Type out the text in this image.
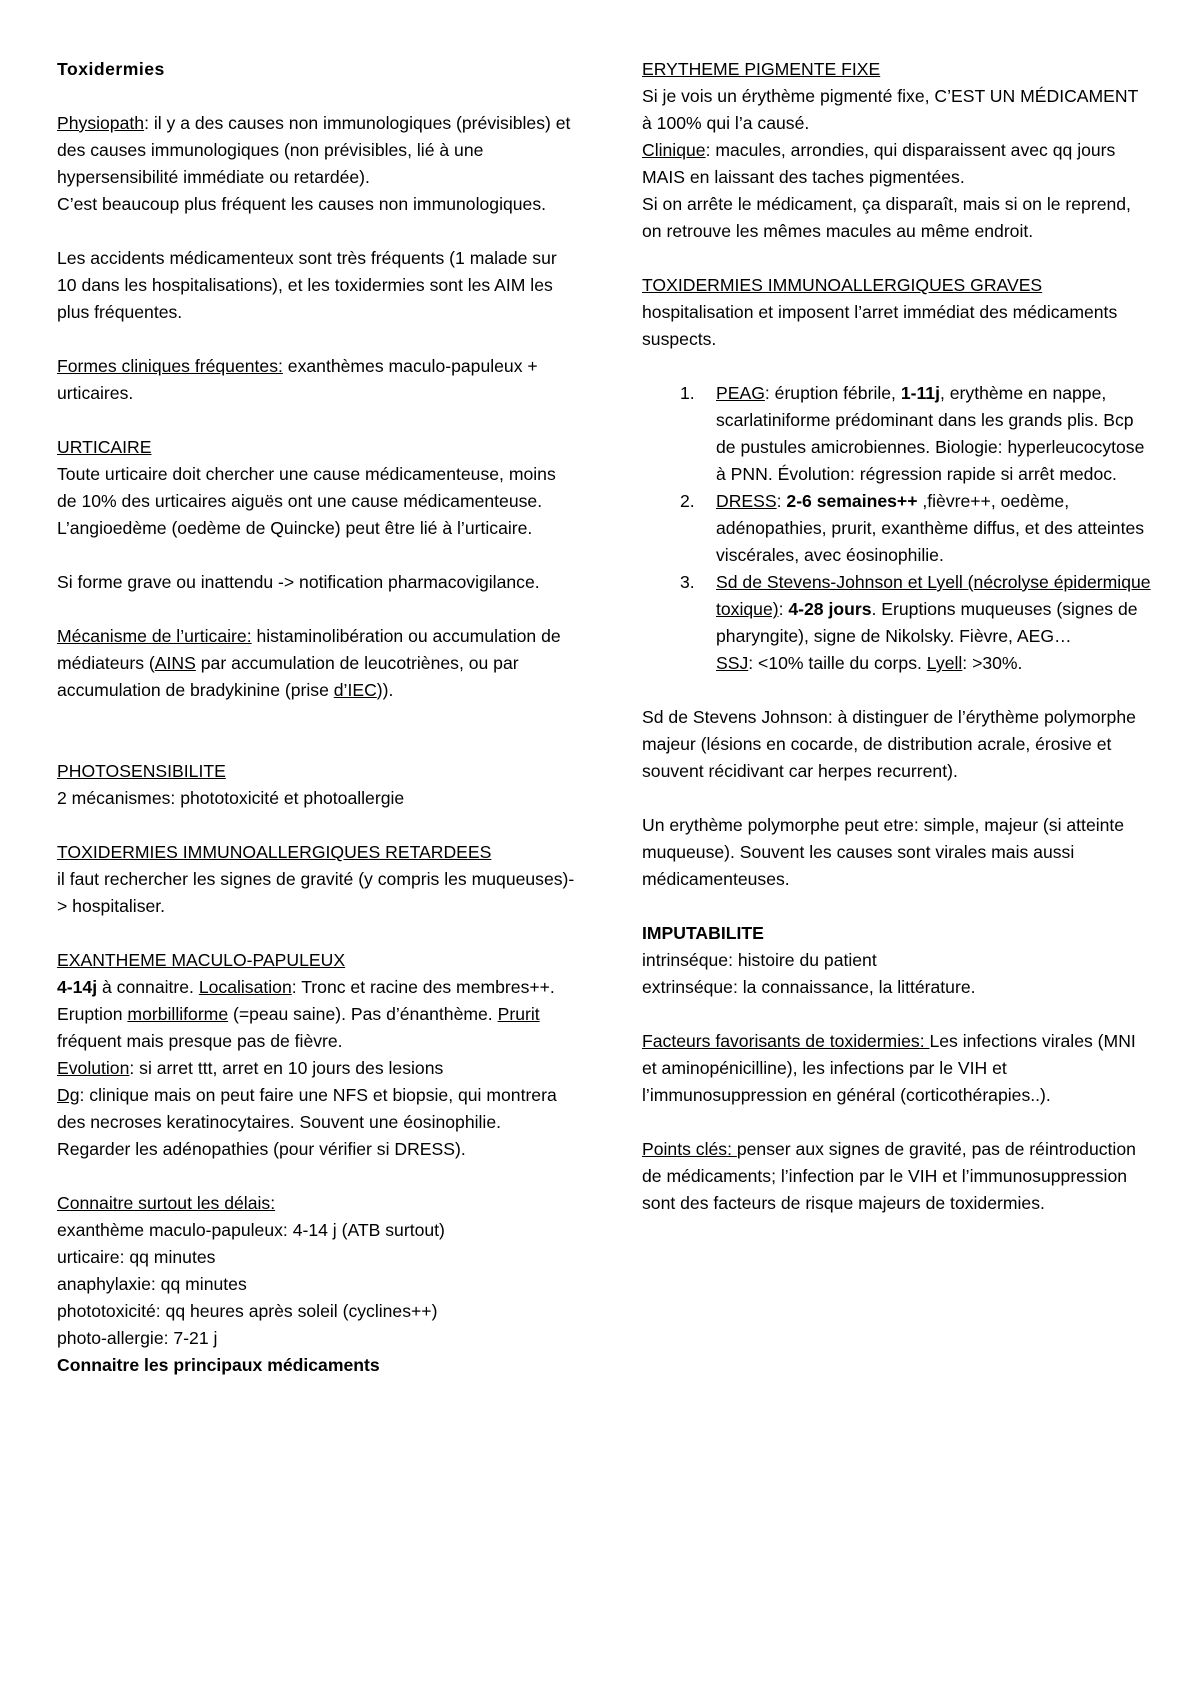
Toxidermies

Physiopath: il y a des causes non immunologiques (prévisibles) et des causes immunologiques (non prévisibles, lié à une hypersensibilité immédiate ou retardée).

C’est beaucoup plus fréquent les causes non immunologiques.

Les accidents médicamenteux sont très fréquents (1 malade sur 10 dans les hospitalisations), et les toxidermies sont les AIM les plus fréquentes.

Formes cliniques fréquentes: exanthèmes maculo-papuleux + urticaires.

URTICAIRE

Toute urticaire doit chercher une cause médicamenteuse, moins de 10% des urticaires aiguës ont une cause médicamenteuse.

L’angioedème (oedème de Quincke) peut être lié à l’urticaire.

Si forme grave ou inattendu -> notification pharmacovigilance.

Mécanisme de l’urticaire: histaminolibération ou accumulation de médiateurs (AINS par accumulation de leucotriènes, ou par accumulation de bradykinine (prise d’IEC)).

PHOTOSENSIBILITE

2 mécanismes: phototoxicité et photoallergie

TOXIDERMIES IMMUNOALLERGIQUES RETARDEES

il faut rechercher les signes de gravité (y compris les muqueuses)-> hospitaliser.

EXANTHEME MACULO-PAPULEUX

4-14j à connaitre. Localisation: Tronc et racine des membres++. Eruption morbilliforme (=peau saine). Pas d’énanthème. Prurit fréquent mais presque pas de fièvre.

Evolution: si arret ttt, arret en 10 jours des lesions

Dg: clinique mais on peut faire une NFS et biopsie, qui montrera des necroses keratinocytaires. Souvent une éosinophilie. Regarder les adénopathies (pour vérifier si DRESS).

Connaitre surtout les délais:

exanthème maculo-papuleux: 4-14 j (ATB surtout)

urticaire: qq minutes

anaphylaxie: qq minutes

phototoxicité: qq heures après soleil (cyclines++)

photo-allergie: 7-21 j

Connaitre les principaux médicaments

ERYTHEME PIGMENTE FIXE

Si je vois un érythème pigmenté fixe, C’EST UN MÉDICAMENT à 100% qui l’a causé.

Clinique: macules, arrondies, qui disparaissent avec qq jours MAIS en laissant des taches pigmentées.

Si on arrête le médicament, ça disparaît, mais si on le reprend, on retrouve les mêmes macules au même endroit.

TOXIDERMIES IMMUNOALLERGIQUES GRAVES

hospitalisation et imposent l’arret immédiat des médicaments suspects.

1. PEAG: éruption fébrile, 1-11j, erythème en nappe, scarlatiniforme prédominant dans les grands plis. Bcp de pustules amicrobiennes. Biologie: hyperleucocytose à PNN. Évolution: régression rapide si arrêt medoc.
2. DRESS: 2-6 semaines++ ,fièvre++, oedème, adénopathies, prurit, exanthème diffus, et des atteintes viscérales, avec éosinophilie.
3. Sd de Stevens-Johnson et Lyell (nécrolyse épidermique toxique): 4-28 jours. Eruptions muqueuses (signes de pharyngite), signe de Nikolsky. Fièvre, AEG…
SSJ: <10% taille du corps. Lyell: >30%.

Sd de Stevens Johnson: à distinguer de l’érythème polymorphe majeur (lésions en cocarde, de distribution acrale, érosive et souvent récidivant car herpes recurrent).

Un erythème polymorphe peut etre: simple, majeur (si atteinte muqueuse). Souvent les causes sont virales mais aussi médicamenteuses.

IMPUTABILITE

intrinséque: histoire du patient

extrinséque: la connaissance, la littérature.

Facteurs favorisants de toxidermies: Les infections virales (MNI et aminopénicilline), les infections par le VIH et l’immunosuppression en général (corticothérapies..).

Points clés: penser aux signes de gravité, pas de réintroduction de médicaments; l’infection par le VIH et l’immunosuppression sont des facteurs de risque majeurs de toxidermies.
